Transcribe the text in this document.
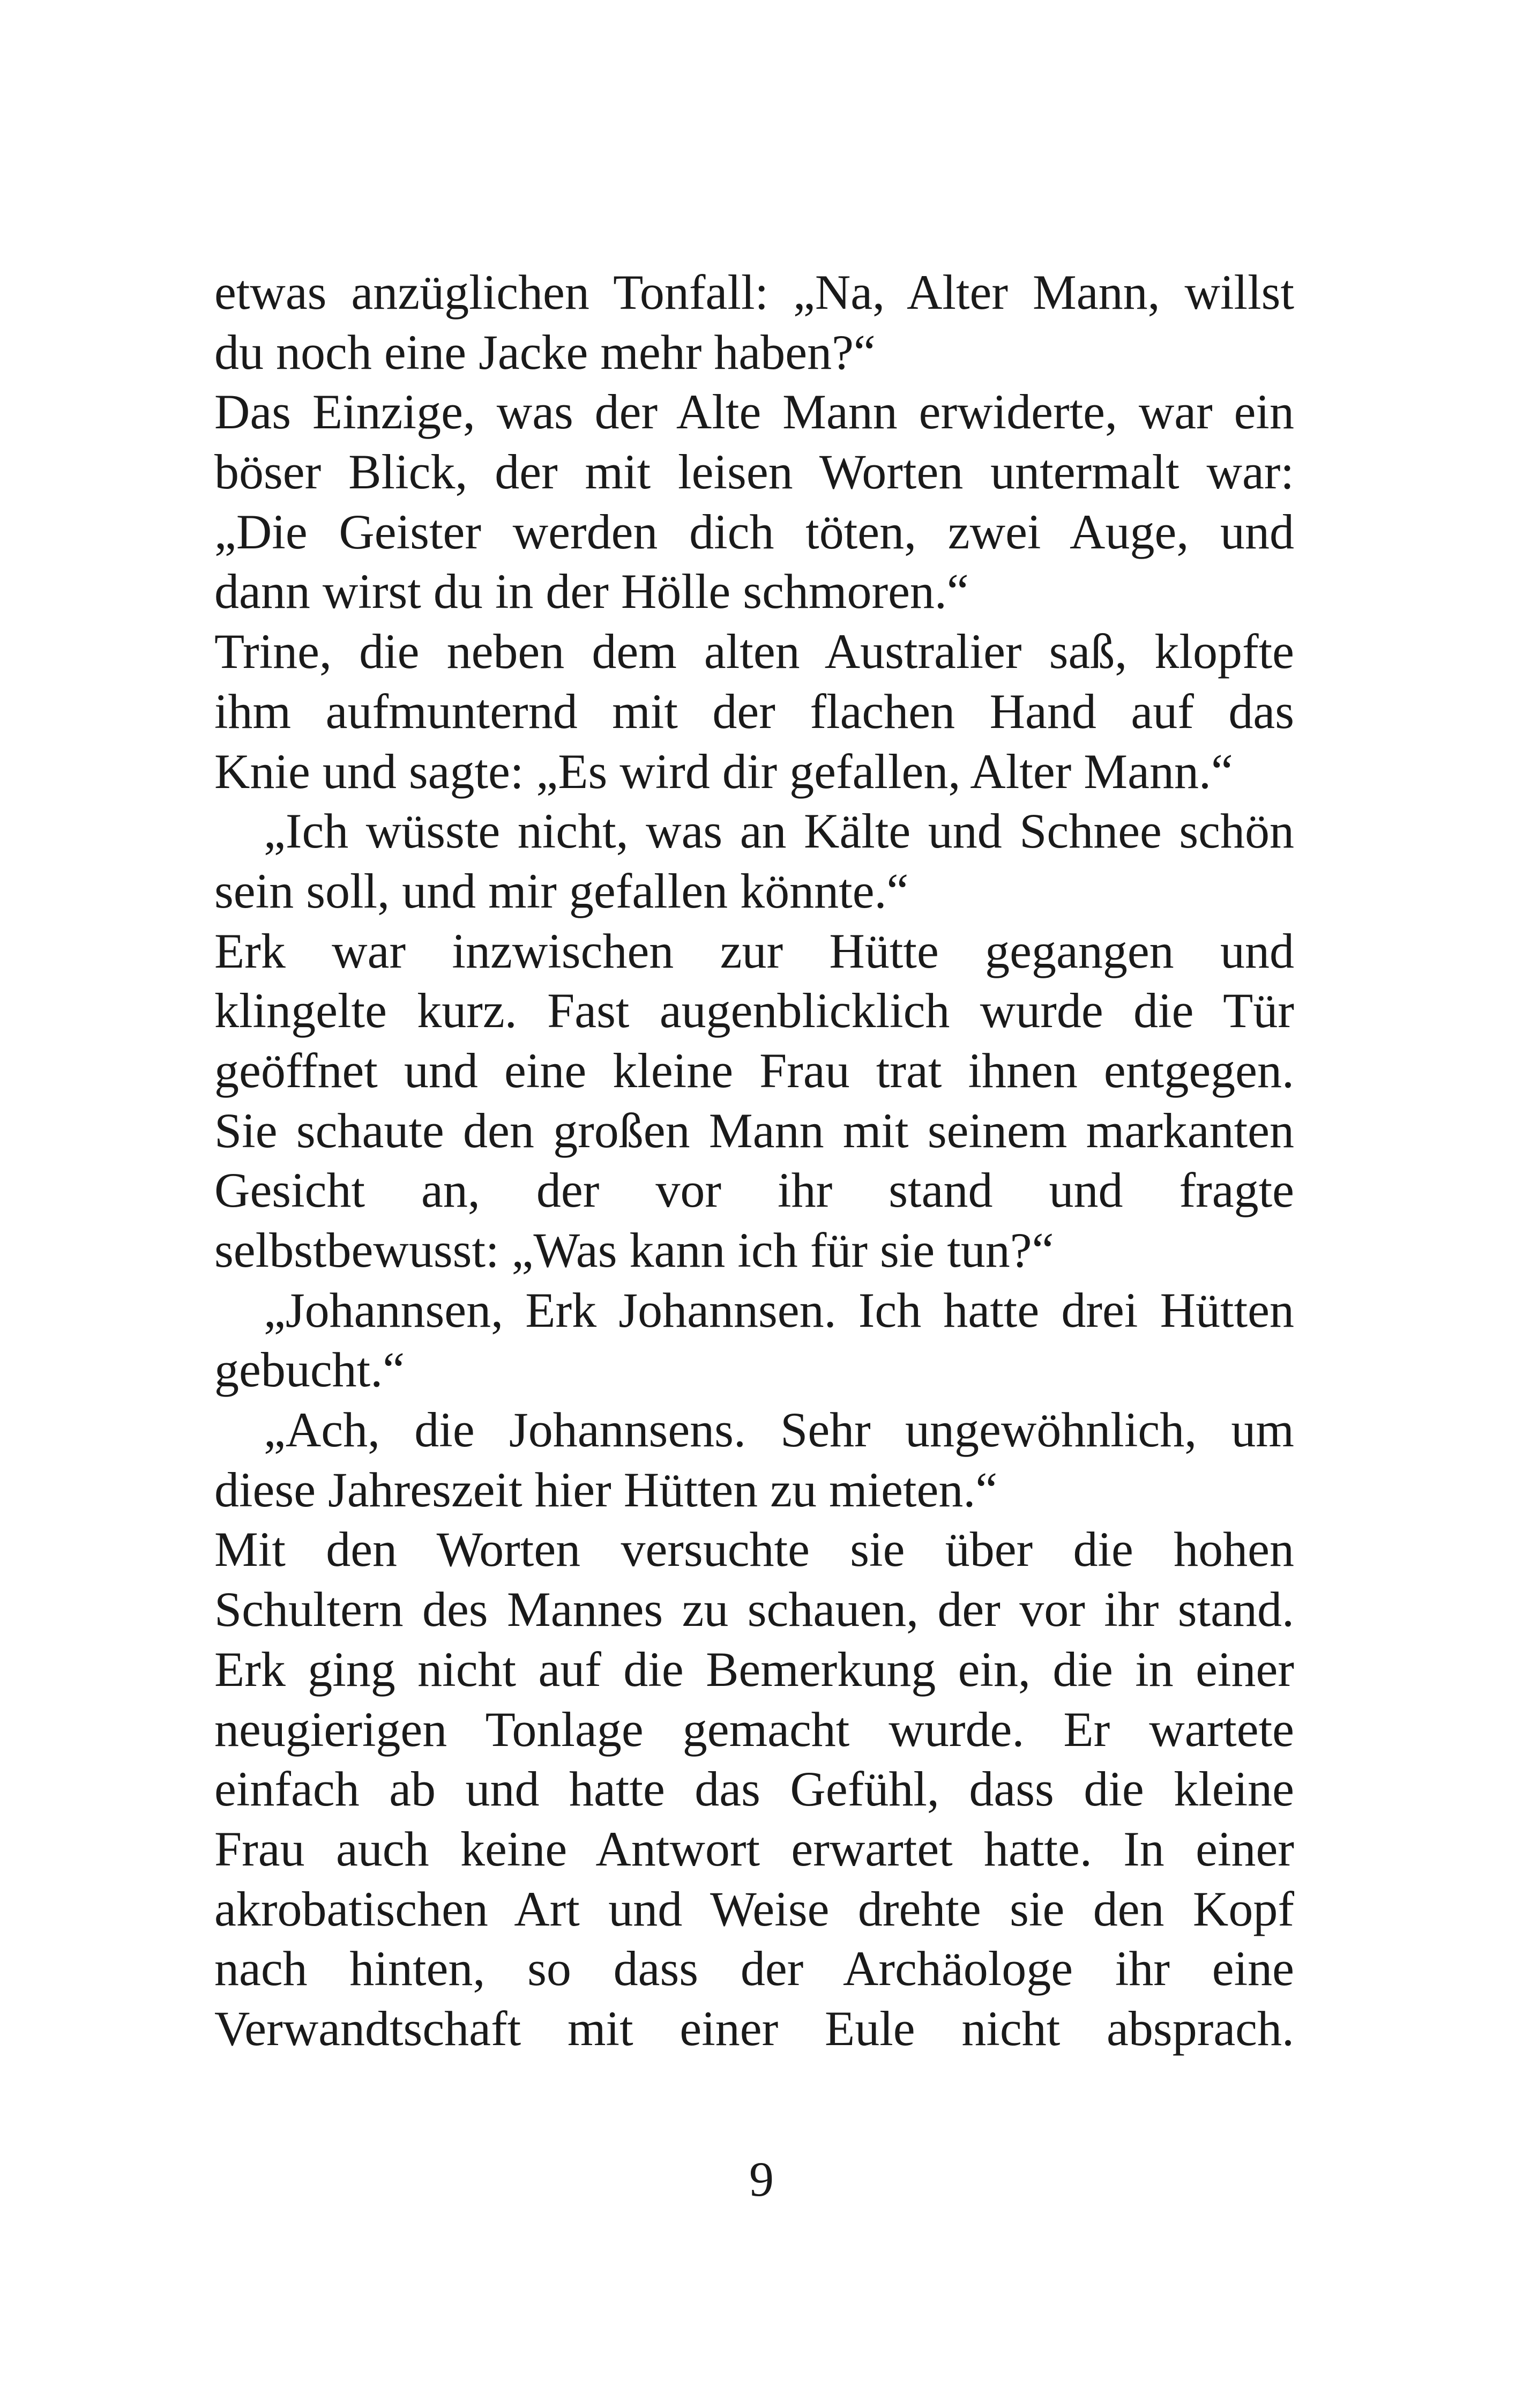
etwas anzüglichen Tonfall: „Na, Alter Mann, willst
du noch eine Jacke mehr haben?“
Das Einzige, was der Alte Mann erwiderte, war ein
böser Blick, der mit leisen Worten untermalt war:
„Die Geister werden dich töten, zwei Auge, und
dann wirst du in der Hölle schmoren.“
Trine, die neben dem alten Australier saß, klopfte
ihm aufmunternd mit der flachen Hand auf das
Knie und sagte: „Es wird dir gefallen, Alter Mann.“
„Ich wüsste nicht, was an Kälte und Schnee schön
sein soll, und mir gefallen könnte.“
Erk war inzwischen zur Hütte gegangen und
klingelte kurz. Fast augenblicklich wurde die Tür
geöffnet und eine kleine Frau trat ihnen entgegen.
Sie schaute den großen Mann mit seinem markanten
Gesicht an, der vor ihr stand und fragte
selbstbewusst: „Was kann ich für sie tun?“
„Johannsen, Erk Johannsen. Ich hatte drei Hütten
gebucht.“
„Ach, die Johannsens. Sehr ungewöhnlich, um
diese Jahreszeit hier Hütten zu mieten.“
Mit den Worten versuchte sie über die hohen
Schultern des Mannes zu schauen, der vor ihr stand.
Erk ging nicht auf die Bemerkung ein, die in einer
neugierigen Tonlage gemacht wurde. Er wartete
einfach ab und hatte das Gefühl, dass die kleine
Frau auch keine Antwort erwartet hatte. In einer
akrobatischen Art und Weise drehte sie den Kopf
nach hinten, so dass der Archäologe ihr eine
Verwandtschaft mit einer Eule nicht absprach.
9
